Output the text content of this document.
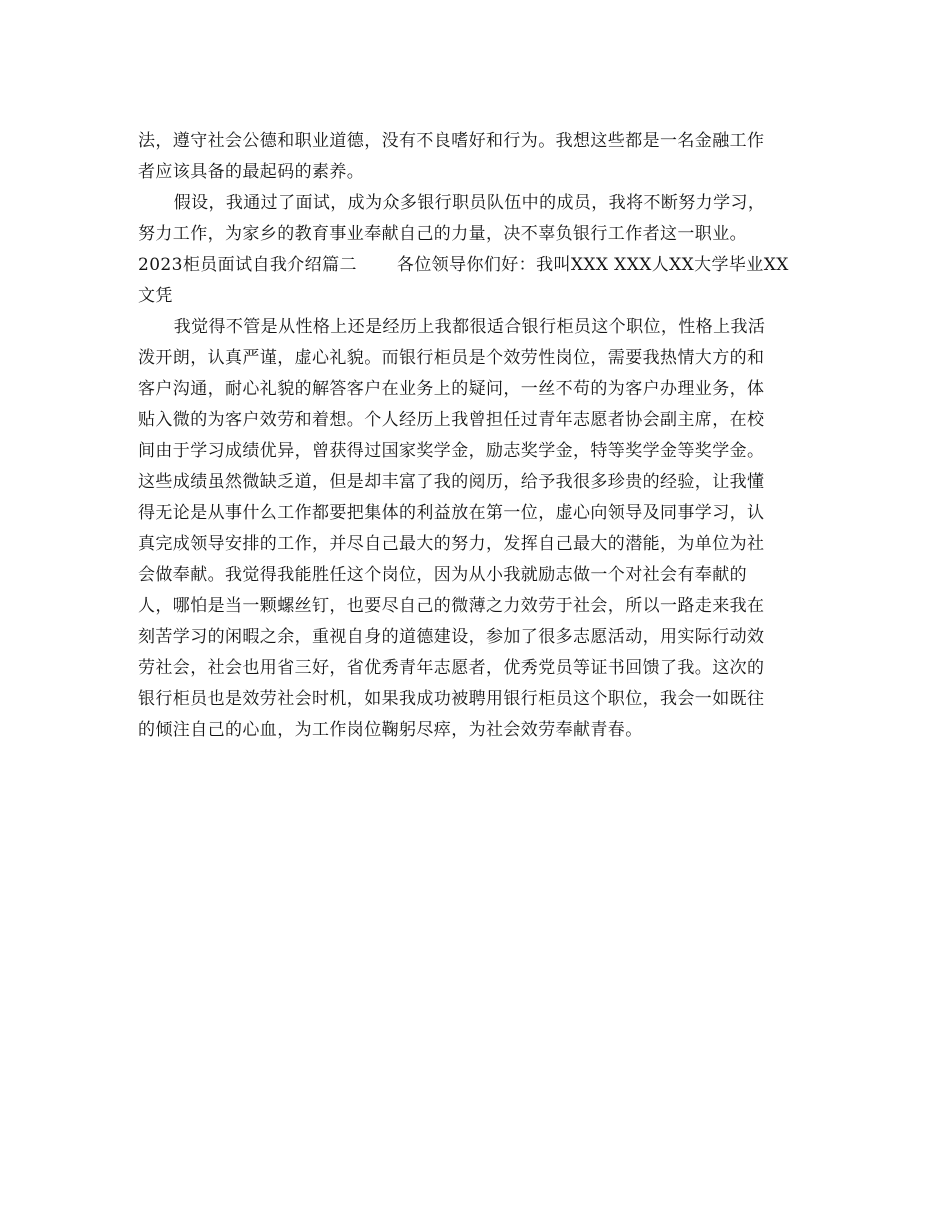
法，遵守社会公德和职业道德，没有不良嗜好和行为。我想这些都是一名金融工作
者应该具备的最起码的素养。
假设，我通过了面试，成为众多银行职员队伍中的成员，我将不断努力学习，
努力工作，为家乡的教育事业奉献自己的力量，决不辜负银行工作者这一职业。
2023柜员面试自我介绍篇二 各位领导你们好：我叫XXX XXX人XX大学毕业XX
文凭
我觉得不管是从性格上还是经历上我都很适合银行柜员这个职位，性格上我活
泼开朗，认真严谨，虚心礼貌。而银行柜员是个效劳性岗位，需要我热情大方的和
客户沟通，耐心礼貌的解答客户在业务上的疑问，一丝不苟的为客户办理业务，体
贴入微的为客户效劳和着想。个人经历上我曾担任过青年志愿者协会副主席，在校
间由于学习成绩优异，曾获得过国家奖学金，励志奖学金，特等奖学金等奖学金。
这些成绩虽然微缺乏道，但是却丰富了我的阅历，给予我很多珍贵的经验，让我懂
得无论是从事什么工作都要把集体的利益放在第一位，虚心向领导及同事学习，认
真完成领导安排的工作，并尽自己最大的努力，发挥自己最大的潜能，为单位为社
会做奉献。我觉得我能胜任这个岗位，因为从小我就励志做一个对社会有奉献的
人，哪怕是当一颗螺丝钉，也要尽自己的微薄之力效劳于社会，所以一路走来我在
刻苦学习的闲暇之余，重视自身的道德建设，参加了很多志愿活动，用实际行动效
劳社会，社会也用省三好，省优秀青年志愿者，优秀党员等证书回馈了我。这次的
银行柜员也是效劳社会时机，如果我成功被聘用银行柜员这个职位，我会一如既往
的倾注自己的心血，为工作岗位鞠躬尽瘁，为社会效劳奉献青春。
